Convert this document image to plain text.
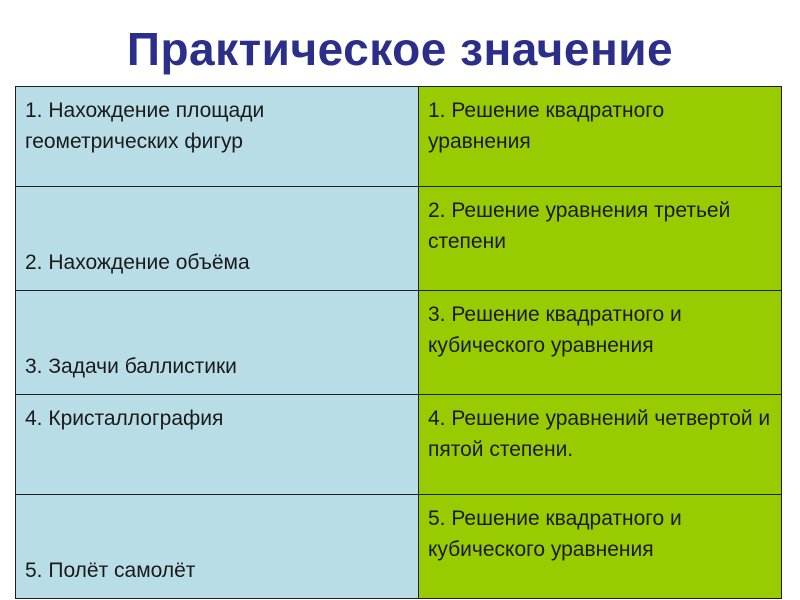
Практическое значение
1. Нахождение площади геометрических фигур	1. Решение квадратного уравнения
2. Нахождение объёма	2. Решение уравнения третьей степени
3. Задачи баллистики	3. Решение квадратного и кубического уравнения
4. Кристаллография	4. Решение уравнений четвертой и пятой степени.
5. Полёт самолёт	5. Решение квадратного и кубического уравнения
